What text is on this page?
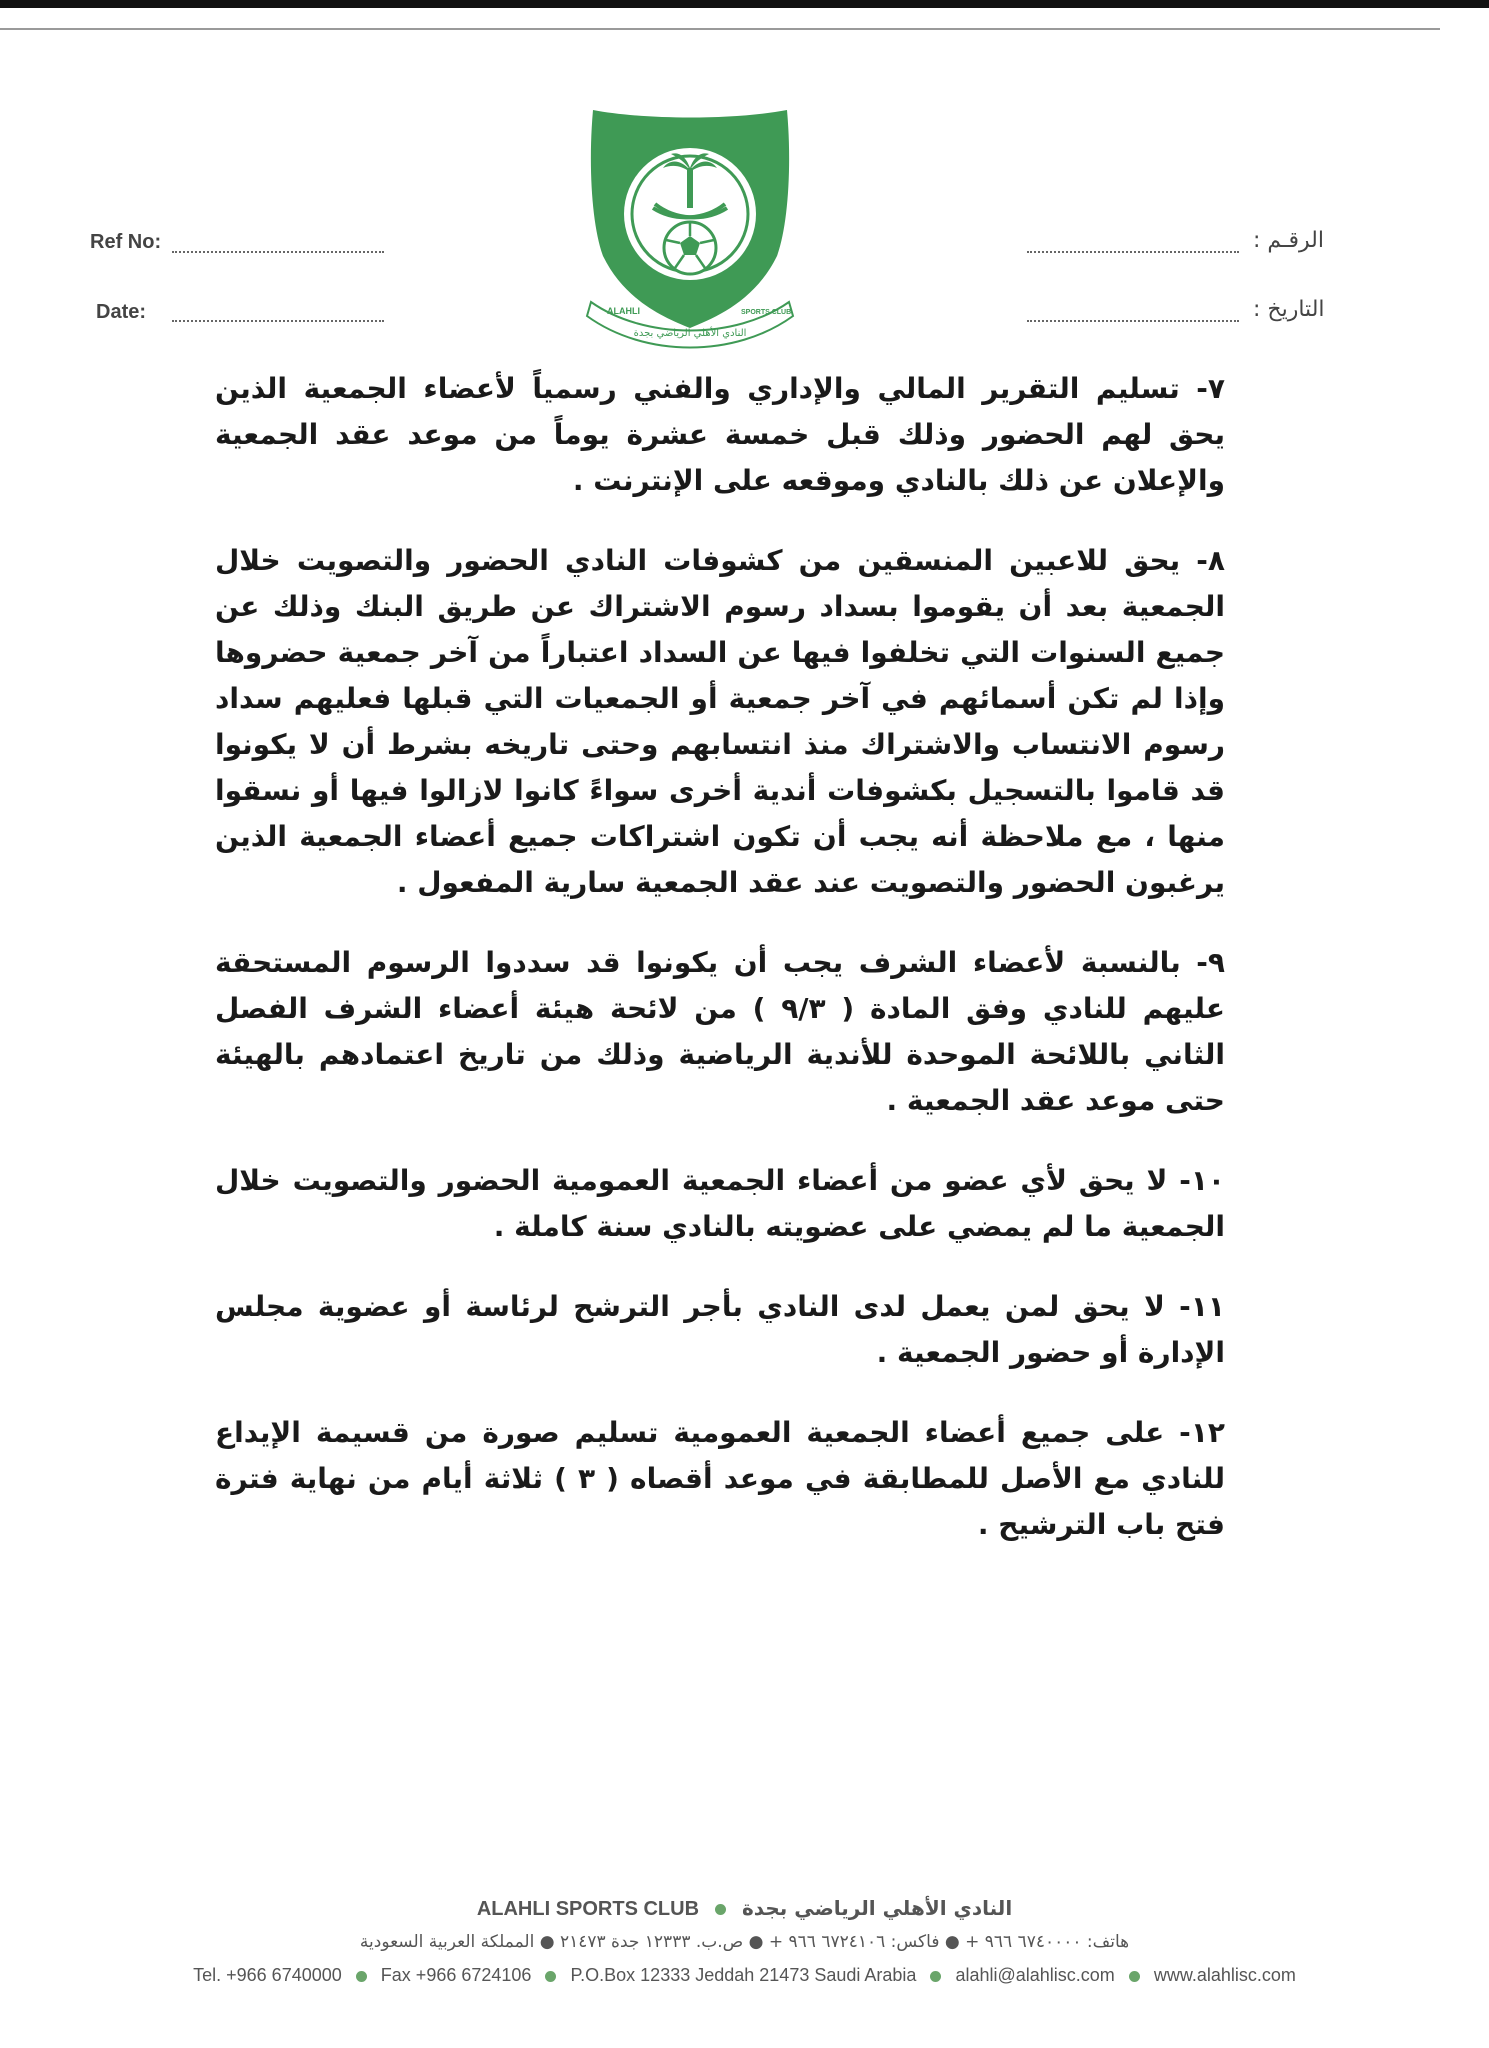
Ref No:
Date:
الرقـم :
التاريخ :
ALAHLI	SPORTS CLUB
النادي الأهلي الرياضي بجدة

٧- تسليم التقرير المالي والإداري والفني رسمياً لأعضاء الجمعية الذين يحق لهم الحضور وذلك قبل خمسة عشرة يوماً من موعد عقد الجمعية والإعلان عن ذلك بالنادي وموقعه على الإنترنت .

٨- يحق للاعبين المنسقين من كشوفات النادي الحضور والتصويت خلال الجمعية بعد أن يقوموا بسداد رسوم الاشتراك عن طريق البنك وذلك عن جميع السنوات التي تخلفوا فيها عن السداد اعتباراً من آخر جمعية حضروها وإذا لم تكن أسمائهم في آخر جمعية أو الجمعيات التي قبلها فعليهم سداد رسوم الانتساب والاشتراك منذ انتسابهم وحتى تاريخه بشرط أن لا يكونوا قد قاموا بالتسجيل بكشوفات أندية أخرى سواءً كانوا لازالوا فيها أو نسقوا منها ، مع ملاحظة أنه يجب أن تكون اشتراكات جميع أعضاء الجمعية الذين يرغبون الحضور والتصويت عند عقد الجمعية سارية المفعول .

٩- بالنسبة لأعضاء الشرف يجب أن يكونوا قد سددوا الرسوم المستحقة عليهم للنادي وفق المادة ( ٩/٣ ) من لائحة هيئة أعضاء الشرف الفصل الثاني باللائحة الموحدة للأندية الرياضية وذلك من تاريخ اعتمادهم بالهيئة حتى موعد عقد الجمعية .

١٠- لا يحق لأي عضو من أعضاء الجمعية العمومية الحضور والتصويت خلال الجمعية ما لم يمضي على عضويته بالنادي سنة كاملة .

١١- لا يحق لمن يعمل لدى النادي بأجر الترشح لرئاسة أو عضوية مجلس الإدارة أو حضور الجمعية .

١٢- على جميع أعضاء الجمعية العمومية تسليم صورة من قسيمة الإيداع للنادي مع الأصل للمطابقة في موعد أقصاه ( ٣ ) ثلاثة أيام من نهاية فترة فتح باب الترشيح .

ALAHLI SPORTS CLUB النادي الأهلي الرياضي بجدة
هاتف: ٦٧٤٠٠٠٠ ٩٦٦ + ● فاكس: ٦٧٢٤١٠٦ ٩٦٦ + ● ص.ب. ١٢٣٣٣ جدة ٢١٤٧٣ ● المملكة العربية السعودية
Tel. +966 6740000 Fax +966 6724106 P.O.Box 12333 Jeddah 21473 Saudi Arabia alahli@alahlisc.com www.alahlisc.com
